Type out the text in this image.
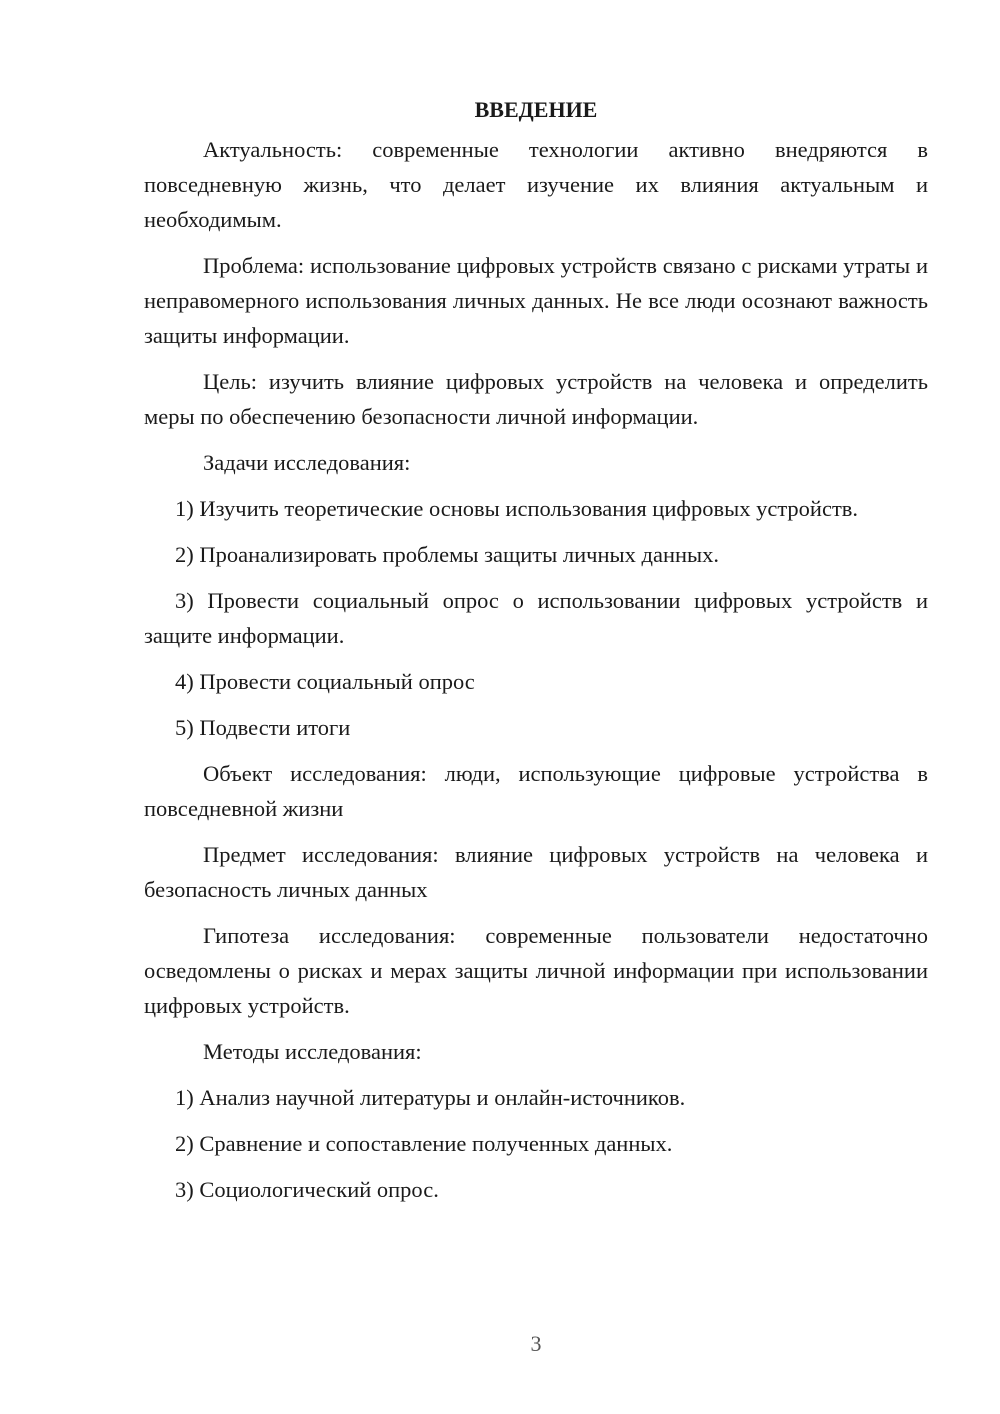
ВВЕДЕНИЕ

Актуальность: современные технологии активно внедряются в повседневную жизнь, что делает изучение их влияния актуальным и необходимым.

Проблема: использование цифровых устройств связано с рисками утраты и неправомерного использования личных данных. Не все люди осознают важность защиты информации.

Цель: изучить влияние цифровых устройств на человека и определить меры по обеспечению безопасности личной информации.

Задачи исследования:

1) Изучить теоретические основы использования цифровых устройств.

2) Проанализировать проблемы защиты личных данных.

3) Провести социальный опрос о использовании цифровых устройств и защите информации.

4) Провести социальный опрос

5) Подвести итоги

Объект исследования: люди, использующие цифровые устройства в повседневной жизни

Предмет исследования: влияние цифровых устройств на человека и безопасность личных данных

Гипотеза исследования: современные пользователи недостаточно осведомлены о рисках и мерах защиты личной информации при использовании цифровых устройств.

Методы исследования:

1) Анализ научной литературы и онлайн-источников.

2) Сравнение и сопоставление полученных данных.

3) Социологический опрос.

3
